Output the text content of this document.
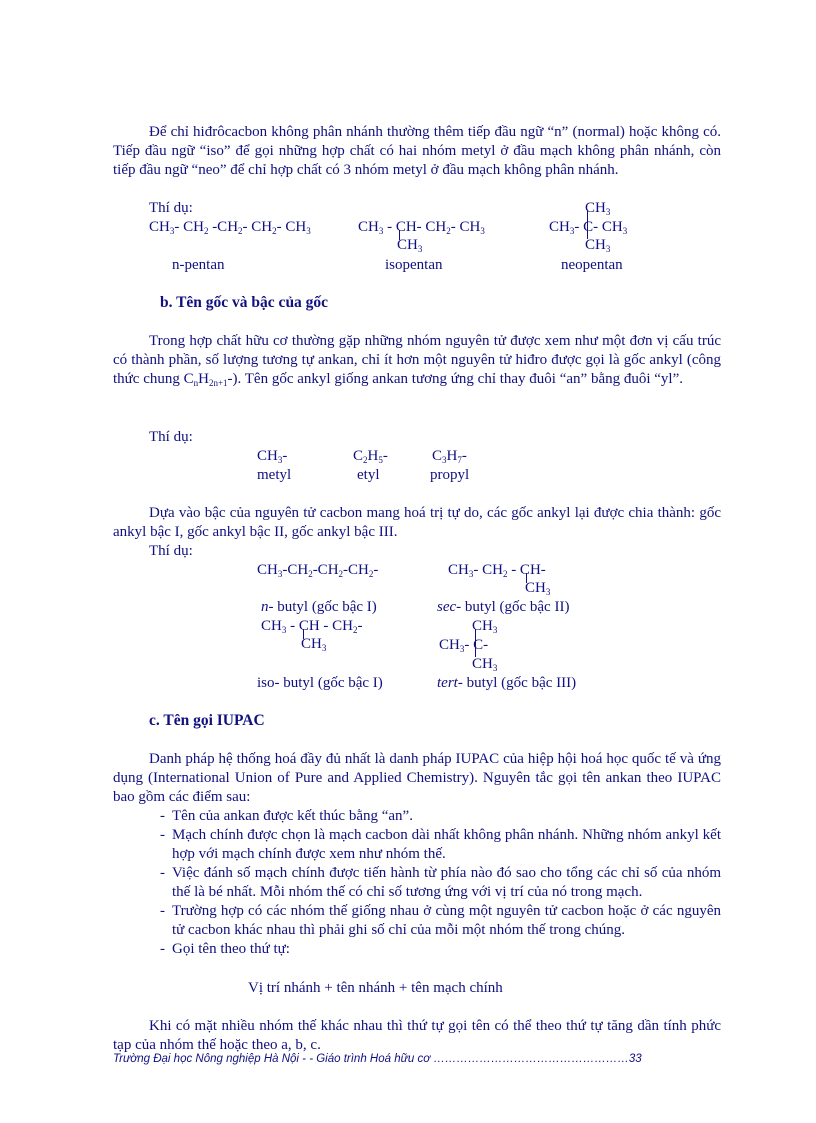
Để chỉ hiđrôcacbon không phân nhánh thường thêm tiếp đầu ngữ “n” (normal) hoặc không có. Tiếp đầu ngữ “iso” để gọi những hợp chất có hai nhóm metyl ở đầu mạch không phân nhánh, còn tiếp đầu ngữ “neo” để chỉ hợp chất có 3 nhóm metyl ở đầu mạch không phân nhánh.
Thí dụ:
$CH_3-$ $CH_2$ $-CH_2-$ $CH_2-$ $CH_3$	$CH_3 - CH-$ $CH_2-$ $CH_3$
$CH_3$
$CH_3$
$CH_3-$ C- $CH_3$
$CH_3$
n-pentan	isopentan	neopentan
b. Tên gốc và bậc của gốc
Trong hợp chất hữu cơ thường gặp những nhóm nguyên tử được xem như một đơn vị cấu trúc có thành phần, số lượng tương tự ankan, chỉ ít hơn một nguyên tử hiđro được gọi là gốc ankyl (công thức chung $C_nH_{2n+1}-$). Tên gốc ankyl giống ankan tương ứng chỉ thay đuôi “an” bằng đuôi “yl”.
Thí dụ:
$CH_3-$	$C_2H_5-$	$C_3H_7-$
metyl	etyl	propyl
Dựa vào bậc của nguyên tử cacbon mang hoá trị tự do, các gốc ankyl lại được chia thành: gốc ankyl bậc I, gốc ankyl bậc II, gốc ankyl bậc III.
Thí dụ:
$CH_3-CH_2-CH_2-CH_2-$	$CH_3-$ $CH_2 - CH-$
$CH_3$
n- butyl (gốc bậc I)	sec- butyl (gốc bậc II)
$CH_3$ - CH - $CH_2-$
$CH_3$
$CH_3$
$CH_3-$ C-
$CH_3$
iso- butyl (gốc bậc I)	tert- butyl (gốc bậc III)
c. Tên gọi IUPAC
Danh pháp hệ thống hoá đầy đủ nhất là danh pháp IUPAC của hiệp hội hoá học quốc tế và ứng dụng (International Union of Pure and Applied Chemistry). Nguyên tắc gọi tên ankan theo IUPAC bao gồm các điểm sau:
- Tên của ankan được kết thúc bằng “an”.
- Mạch chính được chọn là mạch cacbon dài nhất không phân nhánh. Những nhóm ankyl kết hợp với mạch chính được xem như nhóm thế.
- Việc đánh số mạch chính được tiến hành từ phía nào đó sao cho tổng các chỉ số của nhóm thế là bé nhất. Mỗi nhóm thế có chỉ số tương ứng với vị trí của nó trong mạch.
- Trường hợp có các nhóm thế giống nhau ở cùng một nguyên tử cacbon hoặc ở các nguyên tử cacbon khác nhau thì phải ghi số chỉ của mỗi một nhóm thế trong chúng.
- Gọi tên theo thứ tự:
Vị trí nhánh + tên nhánh + tên mạch chính
Khi có mặt nhiều nhóm thế khác nhau thì thứ tự gọi tên có thể theo thứ tự tăng dần tính phức tạp của nhóm thế hoặc theo a, b, c.
Trường Đại học Nông nghiệp Hà Nội - - Giáo trình Hoá hữu cơ ……………………………………………33
